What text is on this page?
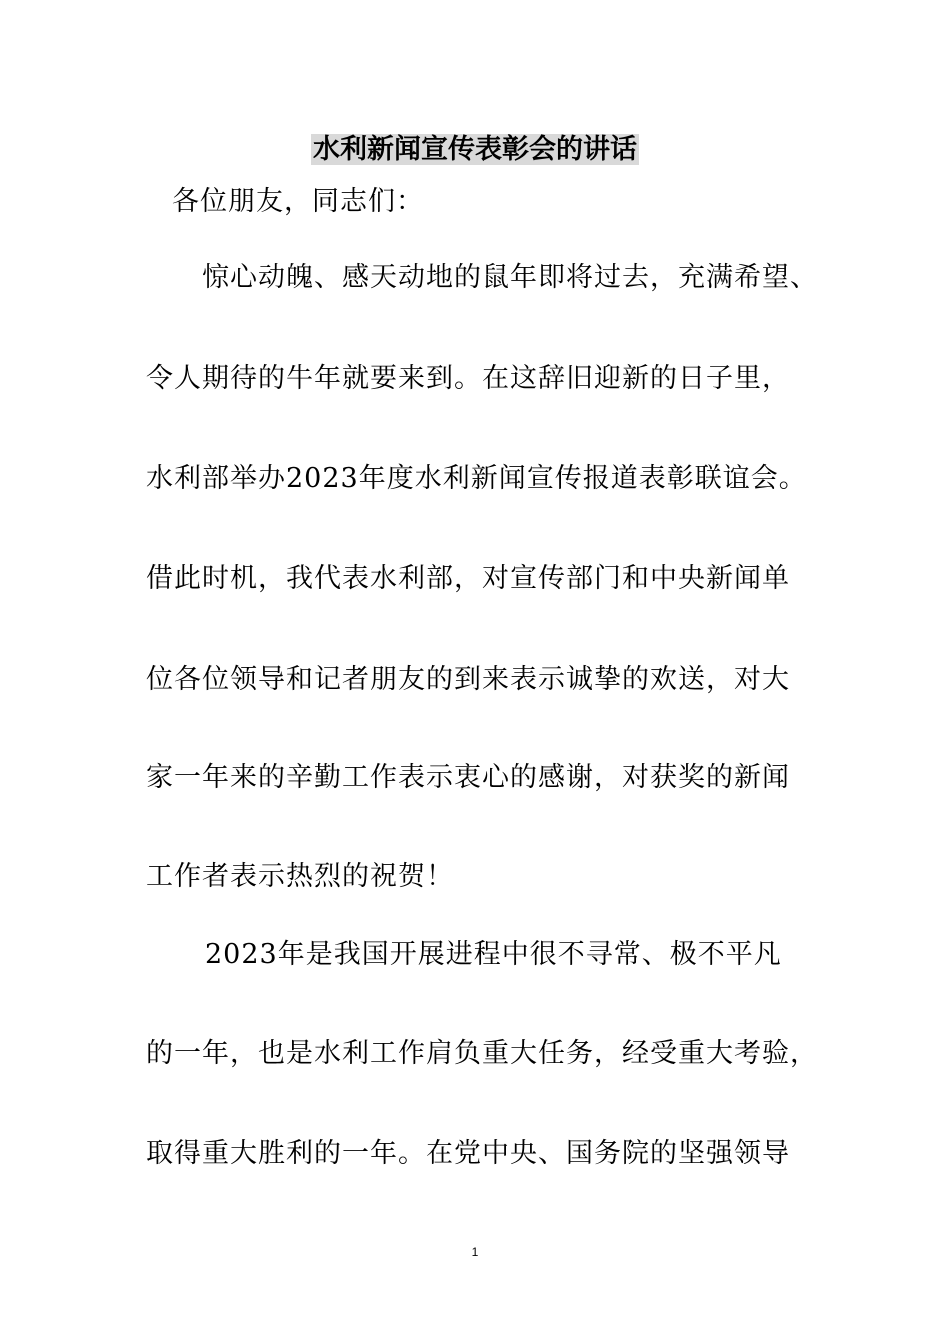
水利新闻宣传表彰会的讲话
各位朋友，同志们：
惊心动魄、感天动地的鼠年即将过去，充满希望、
令人期待的牛年就要来到。在这辞旧迎新的日子里，
水利部举办2023年度水利新闻宣传报道表彰联谊会。
借此时机，我代表水利部，对宣传部门和中央新闻单
位各位领导和记者朋友的到来表示诚挚的欢送，对大
家一年来的辛勤工作表示衷心的感谢，对获奖的新闻
工作者表示热烈的祝贺！
2023年是我国开展进程中很不寻常、极不平凡
的一年，也是水利工作肩负重大任务，经受重大考验，
取得重大胜利的一年。在党中央、国务院的坚强领导
1
